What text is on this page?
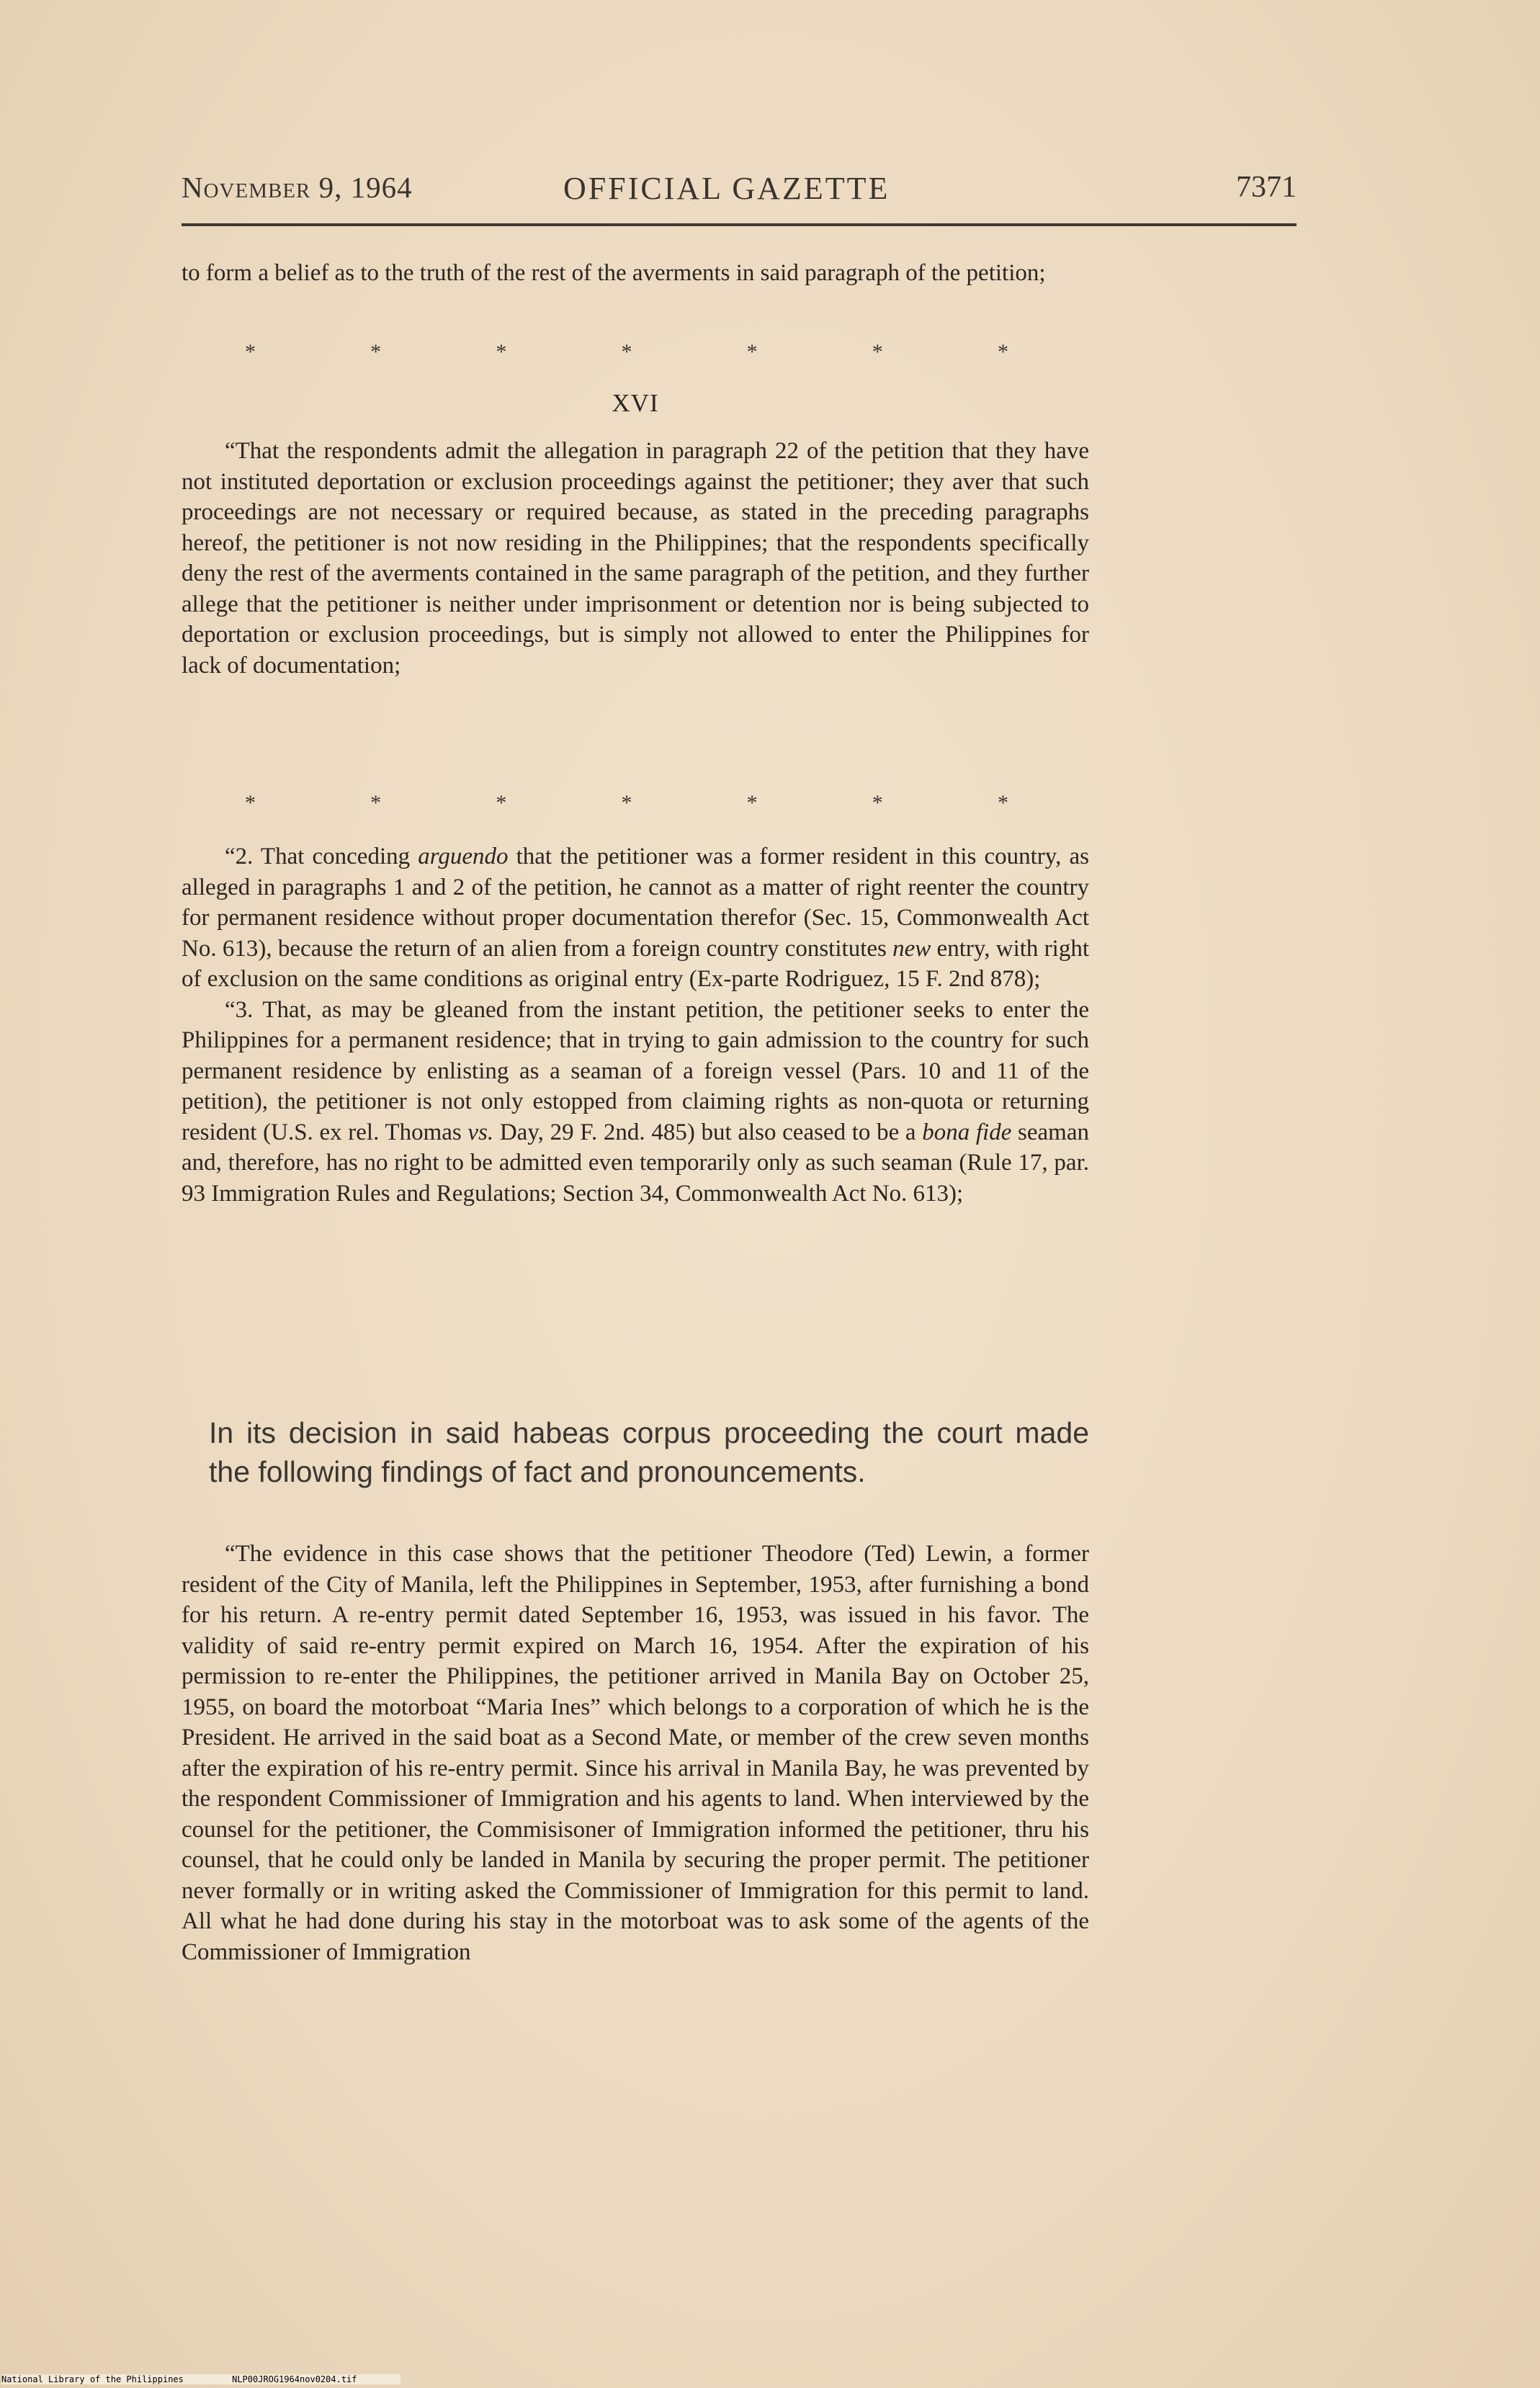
November 9, 1964	OFFICIAL GAZETTE	7371

to form a belief as to the truth of the rest of the averments in said paragraph of the petition;

*	*	*	*	*	*	*
XVI

“That the respondents admit the allegation in paragraph 22 of the petition that they have not instituted deportation or exclusion proceedings against the petitioner; they aver that such proceedings are not necessary or required because, as stated in the preceding paragraphs hereof, the petitioner is not now residing in the Philippines; that the respondents specifically deny the rest of the averments contained in the same paragraph of the petition, and they further allege that the petitioner is neither under imprisonment or detention nor is being subjected to deportation or exclusion proceedings, but is simply not allowed to enter the Philippines for lack of documentation;

*	*	*	*	*	*	*

“2. That conceding arguendo that the petitioner was a former resident in this country, as alleged in paragraphs 1 and 2 of the petition, he cannot as a matter of right reenter the country for permanent residence without proper documentation therefor (Sec. 15, Commonwealth Act No. 613), because the return of an alien from a foreign country constitutes new entry, with right of exclusion on the same conditions as original entry (Ex-parte Rodriguez, 15 F. 2nd 878);

“3. That, as may be gleaned from the instant petition, the petitioner seeks to enter the Philippines for a permanent residence; that in trying to gain admission to the country for such permanent residence by enlisting as a seaman of a foreign vessel (Pars. 10 and 11 of the petition), the petitioner is not only estopped from claiming rights as non-quota or returning resident (U.S. ex rel. Thomas vs. Day, 29 F. 2nd. 485) but also ceased to be a bona fide seaman and, therefore, has no right to be admitted even temporarily only as such seaman (Rule 17, par. 93 Immigration Rules and Regulations; Section 34, Commonwealth Act No. 613);

In its decision in said habeas corpus proceeding the court made the following findings of fact and pronouncements.

“The evidence in this case shows that the petitioner Theodore (Ted) Lewin, a former resident of the City of Manila, left the Philippines in September, 1953, after furnishing a bond for his return. A re-entry permit dated September 16, 1953, was issued in his favor. The validity of said re-entry permit expired on March 16, 1954. After the expiration of his permission to re-enter the Philippines, the petitioner arrived in Manila Bay on October 25, 1955, on board the motorboat “Maria Ines” which belongs to a corporation of which he is the President. He arrived in the said boat as a Second Mate, or member of the crew seven months after the expiration of his re-entry permit. Since his arrival in Manila Bay, he was prevented by the respondent Commissioner of Immigration and his agents to land. When interviewed by the counsel for the petitioner, the Commisisoner of Immigration informed the petitioner, thru his counsel, that he could only be landed in Manila by securing the proper permit. The petitioner never formally or in writing asked the Commissioner of Immigration for this permit to land. All what he had done during his stay in the motorboat was to ask some of the agents of the Commissioner of Immigration

National Library of the Philippines	NLP00JROG1964nov0204.tif
